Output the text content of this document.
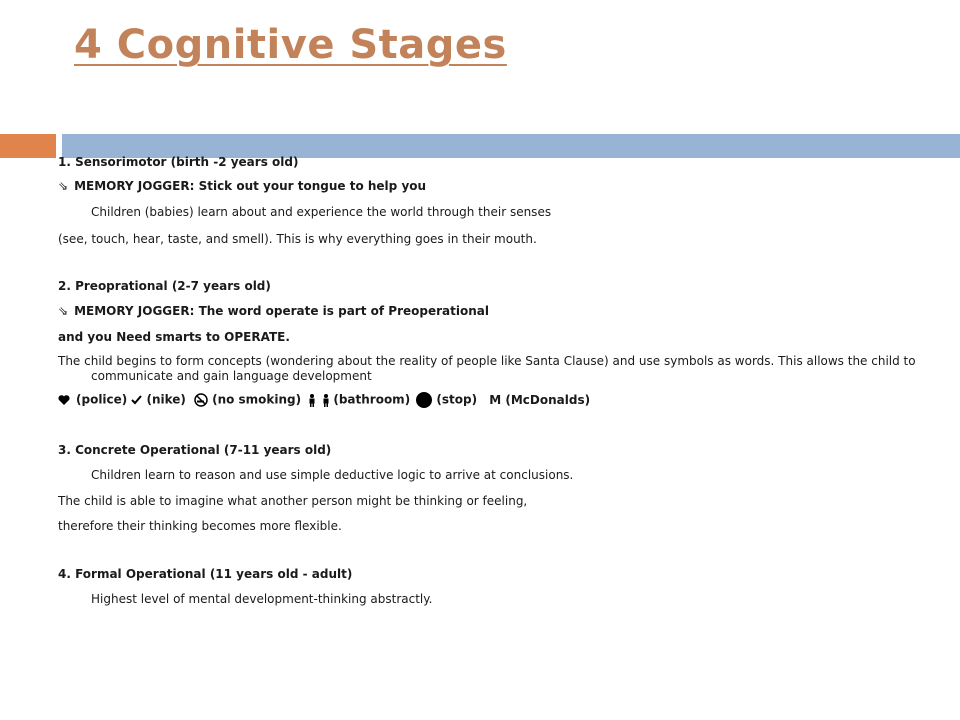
4 Cognitive Stages
1. Sensorimotor (birth -2 years old)
⇘ MEMORY JOGGER: Stick out your tongue to help you
Children (babies) learn about and experience the world through their senses
(see, touch, hear, taste, and smell). This is why everything goes in their mouth.
2. Preoprational (2-7 years old)
⇘ MEMORY JOGGER: The word operate is part of Preoperational
and you Need smarts to OPERATE.
The child begins to form concepts (wondering about the reality of people like Santa Clause) and use symbols as words. This allows the child to communicate and gain language development
(police) (nike) (no smoking)	(bathroom) (stop) M (McDonalds)
3. Concrete Operational (7-11 years old)
Children learn to reason and use simple deductive logic to arrive at conclusions.
The child is able to imagine what another person might be thinking or feeling,
therefore their thinking becomes more flexible.
4. Formal Operational (11 years old - adult)
Highest level of mental development-thinking abstractly.
